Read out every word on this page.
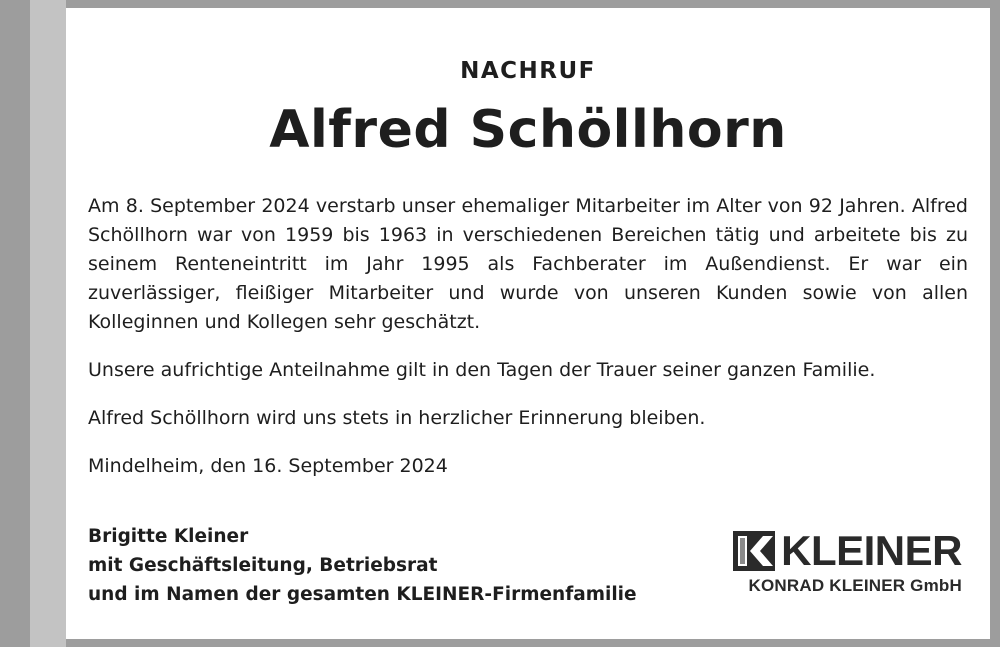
NACHRUF
Alfred Schöllhorn

Am 8. September 2024 verstarb unser ehemaliger Mitarbeiter im Alter von 92 Jahren. Alfred Schöllhorn war von 1959 bis 1963 in verschiedenen Bereichen tätig und arbeitete bis zu seinem Renteneintritt im Jahr 1995 als Fachberater im Außendienst. Er war ein zuverlässiger, fleißiger Mitarbeiter und wurde von unseren Kunden sowie von allen Kolleginnen und Kollegen sehr geschätzt.

Unsere aufrichtige Anteilnahme gilt in den Tagen der Trauer seiner ganzen Familie.

Alfred Schöllhorn wird uns stets in herzlicher Erinnerung bleiben.

Mindelheim, den 16. September 2024

Brigitte Kleiner
mit Geschäftsleitung, Betriebsrat
und im Namen der gesamten KLEINER-Firmenfamilie
KLEINER
KONRAD KLEINER GmbH
